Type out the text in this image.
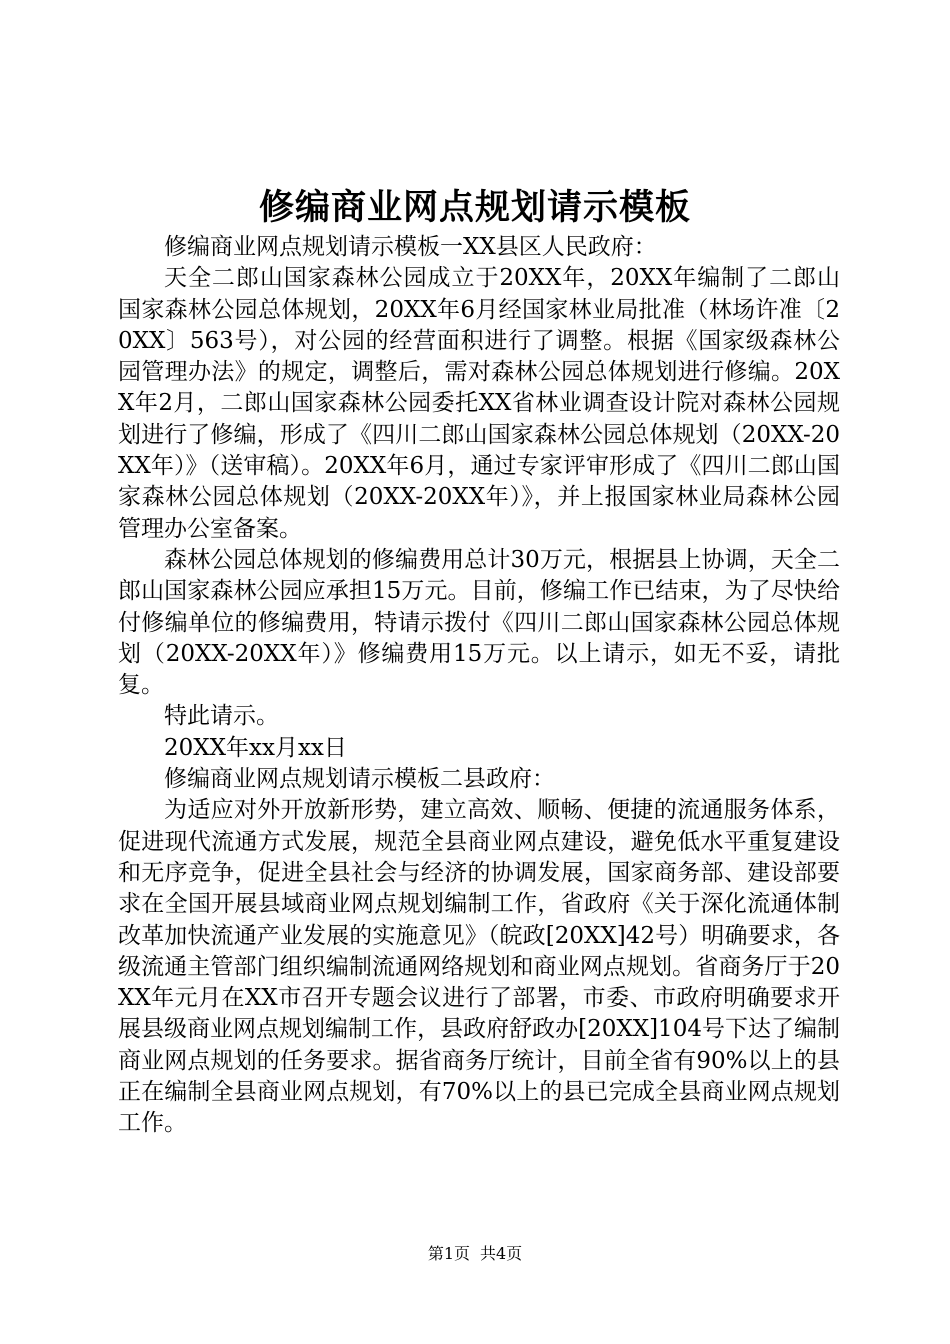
修编商业网点规划请示模板

修编商业网点规划请示模板一XX县区人民政府：

天全二郎山国家森林公园成立于20XX年，20XX年编制了二郎山国家森林公园总体规划，20XX年6月经国家林业局批准（林场许准〔20XX〕563号），对公园的经营面积进行了调整。根据《国家级森林公园管理办法》的规定，调整后，需对森林公园总体规划进行修编。20XX年2月，二郎山国家森林公园委托XX省林业调查设计院对森林公园规划进行了修编，形成了《四川二郎山国家森林公园总体规划（20XX-20XX年）》（送审稿）。20XX年6月，通过专家评审形成了《四川二郎山国家森林公园总体规划（20XX-20XX年）》，并上报国家林业局森林公园管理办公室备案。

森林公园总体规划的修编费用总计30万元，根据县上协调，天全二郎山国家森林公园应承担15万元。目前，修编工作已结束，为了尽快给付修编单位的修编费用，特请示拨付《四川二郎山国家森林公园总体规划（20XX-20XX年）》修编费用15万元。以上请示，如无不妥，请批复。

特此请示。

20XX年xx月xx日

修编商业网点规划请示模板二县政府：

为适应对外开放新形势，建立高效、顺畅、便捷的流通服务体系，促进现代流通方式发展，规范全县商业网点建设，避免低水平重复建设和无序竞争，促进全县社会与经济的协调发展，国家商务部、建设部要求在全国开展县域商业网点规划编制工作，省政府《关于深化流通体制改革加快流通产业发展的实施意见》（皖政[20XX]42号）明确要求，各级流通主管部门组织编制流通网络规划和商业网点规划。省商务厅于20XX年元月在XX市召开专题会议进行了部署，市委、市政府明确要求开展县级商业网点规划编制工作，县政府舒政办[20XX]104号下达了编制商业网点规划的任务要求。据省商务厅统计，目前全省有90%以上的县正在编制全县商业网点规划，有70%以上的县已完成全县商业网点规划工作。

第1页 共4页
